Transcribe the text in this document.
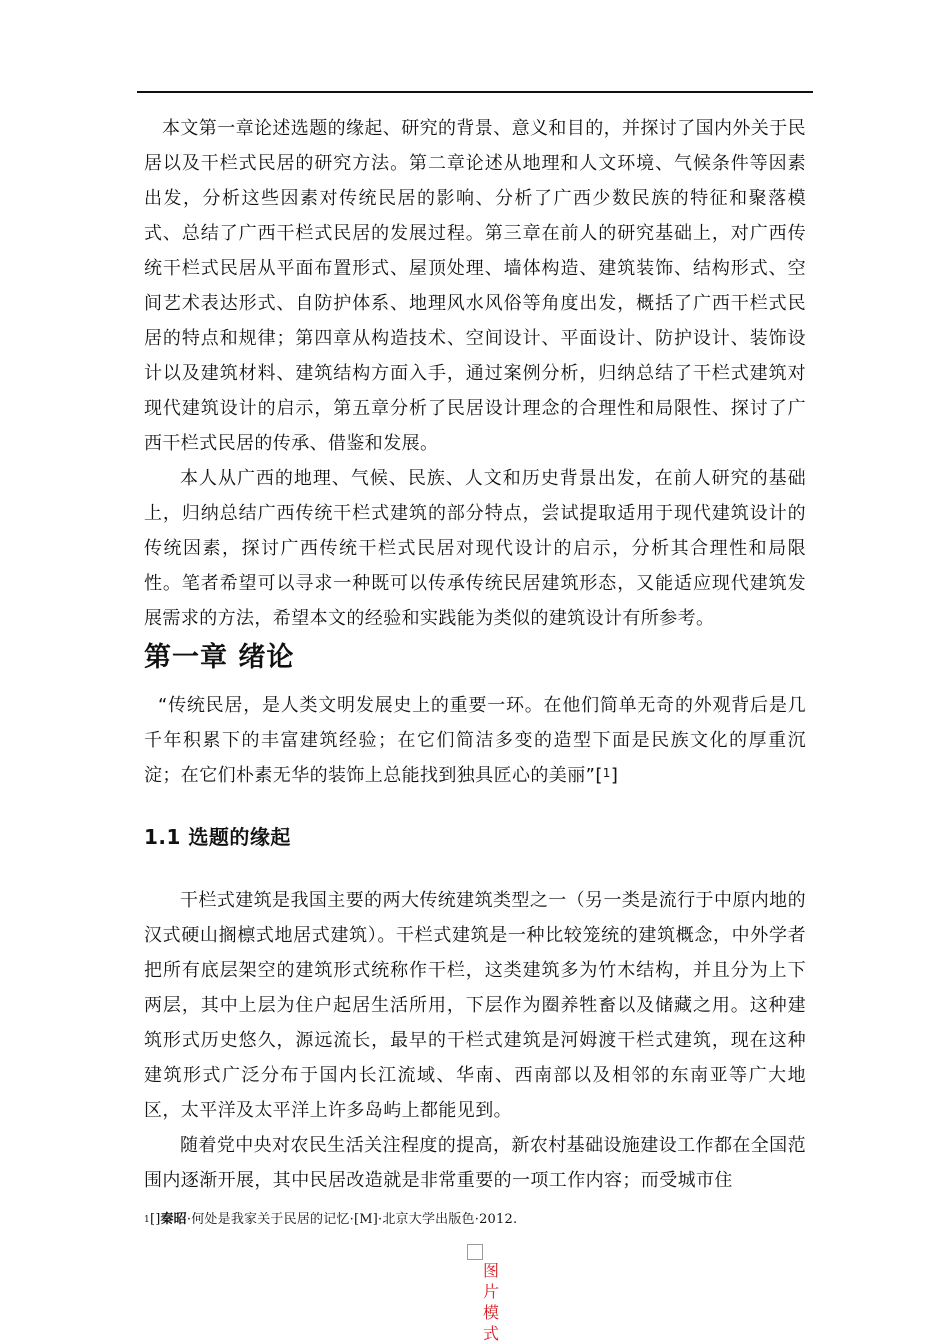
本文第一章论述选题的缘起、研究的背景、意义和目的，并探讨了国内外关于民居以及干栏式民居的研究方法。第二章论述从地理和人文环境、气候条件等因素出发，分析这些因素对传统民居的影响、分析了广西少数民族的特征和聚落模式、总结了广西干栏式民居的发展过程。第三章在前人的研究基础上，对广西传统干栏式民居从平面布置形式、屋顶处理、墙体构造、建筑装饰、结构形式、空间艺术表达形式、自防护体系、地理风水风俗等角度出发，概括了广西干栏式民居的特点和规律；第四章从构造技术、空间设计、平面设计、防护设计、装饰设计以及建筑材料、建筑结构方面入手，通过案例分析，归纳总结了干栏式建筑对现代建筑设计的启示，第五章分析了民居设计理念的合理性和局限性、探讨了广西干栏式民居的传承、借鉴和发展。

本人从广西的地理、气候、民族、人文和历史背景出发，在前人研究的基础上，归纳总结广西传统干栏式建筑的部分特点，尝试提取适用于现代建筑设计的传统因素，探讨广西传统干栏式民居对现代设计的启示，分析其合理性和局限性。笔者希望可以寻求一种既可以传承传统民居建筑形态，又能适应现代建筑发展需求的方法，希望本文的经验和实践能为类似的建筑设计有所参考。

第一章 绪论

“传统民居，是人类文明发展史上的重要一环。在他们简单无奇的外观背后是几千年积累下的丰富建筑经验；在它们简洁多变的造型下面是民族文化的厚重沉淀；在它们朴素无华的装饰上总能找到独具匠心的美丽”[$^1$]

1.1 选题的缘起

干栏式建筑是我国主要的两大传统建筑类型之一（另一类是流行于中原内地的汉式硬山搁檩式地居式建筑）。干栏式建筑是一种比较笼统的建筑概念，中外学者把所有底层架空的建筑形式统称作干栏，这类建筑多为竹木结构，并且分为上下两层，其中上层为住户起居生活所用，下层作为圈养牲畜以及储藏之用。这种建筑形式历史悠久，源远流长，最早的干栏式建筑是河姆渡干栏式建筑，现在这种建筑形式广泛分布于国内长江流域、华南、西南部以及相邻的东南亚等广大地区，太平洋及太平洋上许多岛屿上都能见到。

随着党中央对农民生活关注程度的提高，新农村基础设施建设工作都在全国范围内逐渐开展，其中民居改造就是非常重要的一项工作内容；而受城市住

$^1$[]秦昭·何处是我家关于民居的记忆·[M]·北京大学出版色·2012.

图片模式
